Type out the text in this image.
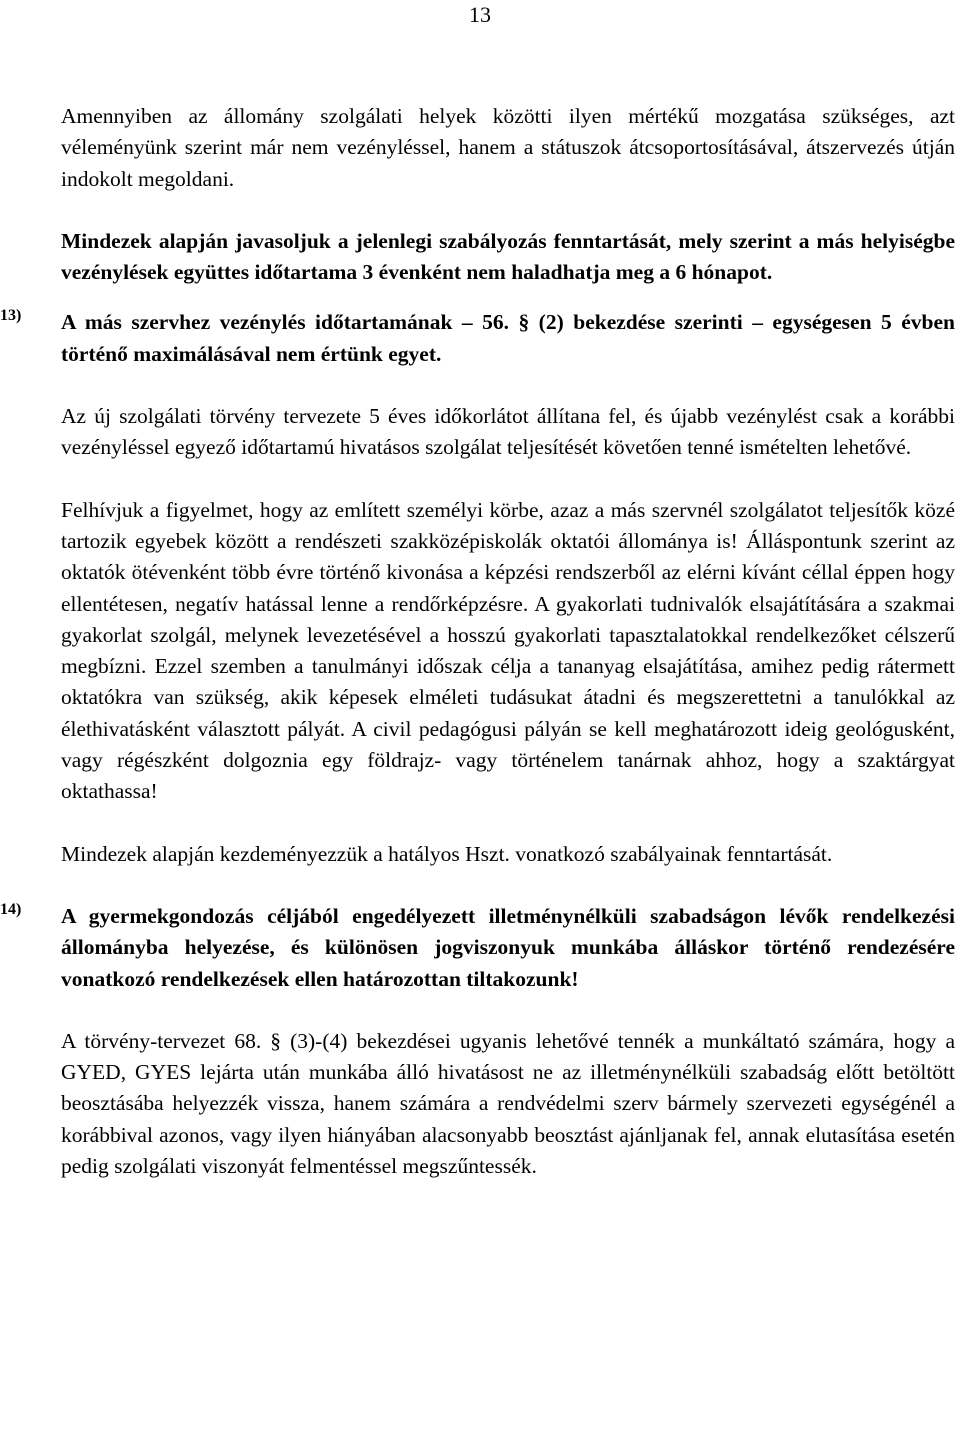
13

Amennyiben az állomány szolgálati helyek közötti ilyen mértékű mozgatása szükséges, azt véleményünk szerint már nem vezényléssel, hanem a státuszok átcsoportosításával, átszervezés útján indokolt megoldani.

Mindezek alapján javasoljuk a jelenlegi szabályozás fenntartását, mely szerint a más helyiségbe vezénylések együttes időtartama 3 évenként nem haladhatja meg a 6 hónapot.

13) A más szervhez vezénylés időtartamának – 56. § (2) bekezdése szerinti – egységesen 5 évben történő maximálásával nem értünk egyet.

Az új szolgálati törvény tervezete 5 éves időkorlátot állítana fel, és újabb vezénylést csak a korábbi vezényléssel egyező időtartamú hivatásos szolgálat teljesítését követően tenné ismételten lehetővé.

Felhívjuk a figyelmet, hogy az említett személyi körbe, azaz a más szervnél szolgálatot teljesítők közé tartozik egyebek között a rendészeti szakközépiskolák oktatói állománya is! Álláspontunk szerint az oktatók ötévenként több évre történő kivonása a képzési rendszerből az elérni kívánt céllal éppen hogy ellentétesen, negatív hatással lenne a rendőrképzésre. A gyakorlati tudnivalók elsajátítására a szakmai gyakorlat szolgál, melynek levezetésével a hosszú gyakorlati tapasztalatokkal rendelkezőket célszerű megbízni. Ezzel szemben a tanulmányi időszak célja a tananyag elsajátítása, amihez pedig rátermett oktatókra van szükség, akik képesek elméleti tudásukat átadni és megszerettetni a tanulókkal az élethivatásként választott pályát. A civil pedagógusi pályán se kell meghatározott ideig geológusként, vagy régészként dolgoznia egy földrajz- vagy történelem tanárnak ahhoz, hogy a szaktárgyat oktathassa!

Mindezek alapján kezdeményezzük a hatályos Hszt. vonatkozó szabályainak fenntartását.

14) A gyermekgondozás céljából engedélyezett illetménynélküli szabadságon lévők rendelkezési állományba helyezése, és különösen jogviszonyuk munkába álláskor történő rendezésére vonatkozó rendelkezések ellen határozottan tiltakozunk!

A törvény-tervezet 68. § (3)-(4) bekezdései ugyanis lehetővé tennék a munkáltató számára, hogy a GYED, GYES lejárta után munkába álló hivatásost ne az illetménynélküli szabadság előtt betöltött beosztásába helyezzék vissza, hanem számára a rendvédelmi szerv bármely szervezeti egységénél a korábbival azonos, vagy ilyen hiányában alacsonyabb beosztást ajánljanak fel, annak elutasítása esetén pedig szolgálati viszonyát felmentéssel megszűntessék.
